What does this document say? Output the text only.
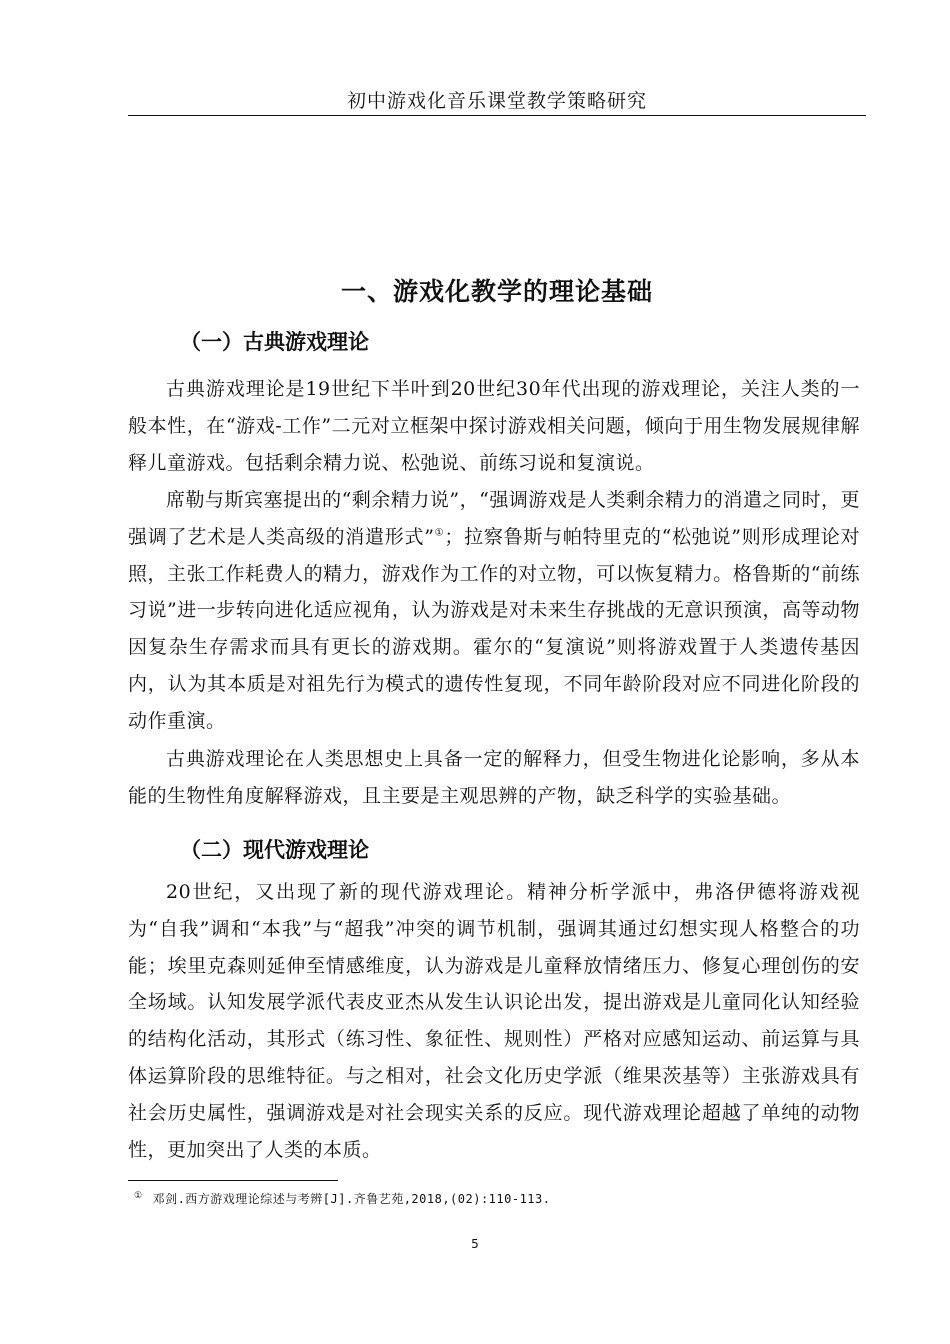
初中游戏化音乐课堂教学策略研究
一、游戏化教学的理论基础
（一）古典游戏理论

古典游戏理论是19世纪下半叶到20世纪30年代出现的游戏理论，关注人类的一般本性，在“游戏-工作”二元对立框架中探讨游戏相关问题，倾向于用生物发展规律解释儿童游戏。包括剩余精力说、松弛说、前练习说和复演说。

席勒与斯宾塞提出的“剩余精力说”，“强调游戏是人类剩余精力的消遣之同时，更强调了艺术是人类高级的消遣形式”①；拉察鲁斯与帕特里克的“松弛说”则形成理论对照，主张工作耗费人的精力，游戏作为工作的对立物，可以恢复精力。格鲁斯的“前练习说”进一步转向进化适应视角，认为游戏是对未来生存挑战的无意识预演，高等动物因复杂生存需求而具有更长的游戏期。霍尔的“复演说”则将游戏置于人类遗传基因内，认为其本质是对祖先行为模式的遗传性复现，不同年龄阶段对应不同进化阶段的动作重演。

古典游戏理论在人类思想史上具备一定的解释力，但受生物进化论影响，多从本能的生物性角度解释游戏，且主要是主观思辨的产物，缺乏科学的实验基础。

（二）现代游戏理论

20世纪，又出现了新的现代游戏理论。精神分析学派中，弗洛伊德将游戏视为“自我”调和“本我”与“超我”冲突的调节机制，强调其通过幻想实现人格整合的功能；埃里克森则延伸至情感维度，认为游戏是儿童释放情绪压力、修复心理创伤的安全场域。认知发展学派代表皮亚杰从发生认识论出发，提出游戏是儿童同化认知经验的结构化活动，其形式（练习性、象征性、规则性）严格对应感知运动、前运算与具体运算阶段的思维特征。与之相对，社会文化历史学派（维果茨基等）主张游戏具有社会历史属性，强调游戏是对社会现实关系的反应。现代游戏理论超越了单纯的动物性，更加突出了人类的本质。

① 邓剑.西方游戏理论综述与考辨[J].齐鲁艺苑,2018,(02):110-113.
5
